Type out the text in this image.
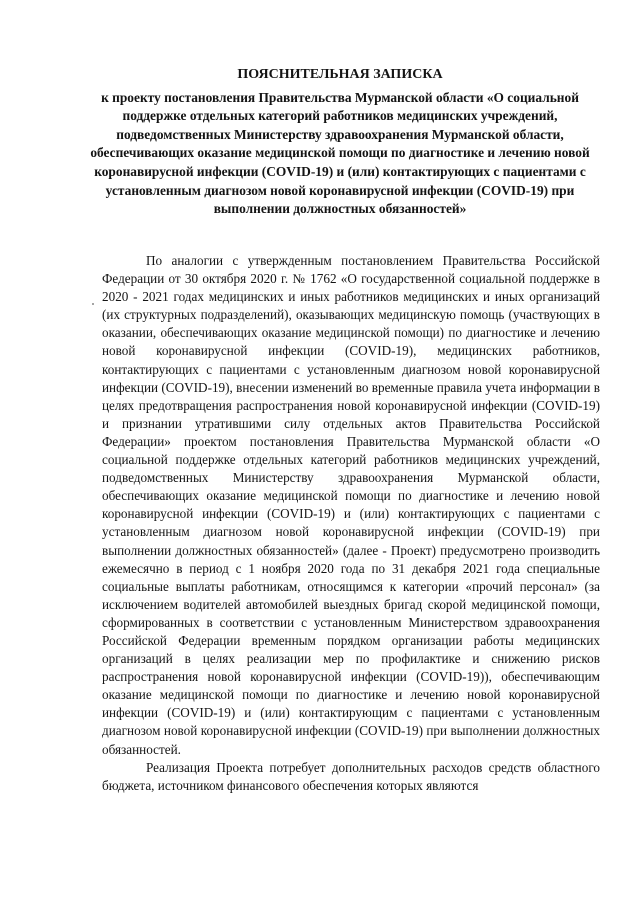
ПОЯСНИТЕЛЬНАЯ ЗАПИСКА
к проекту постановления Правительства Мурманской области «О социальной поддержке отдельных категорий работников медицинских учреждений, подведомственных Министерству здравоохранения Мурманской области, обеспечивающих оказание медицинской помощи по диагностике и лечению новой коронавирусной инфекции (COVID-19) и (или) контактирующих с пациентами с установленным диагнозом новой коронавирусной инфекции (COVID-19) при выполнении должностных обязанностей»

По аналогии с утвержденным постановлением Правительства Российской Федерации от 30 октября 2020 г. № 1762 «О государственной социальной поддержке в 2020 - 2021 годах медицинских и иных работников медицинских и иных организаций (их структурных подразделений), оказывающих медицинскую помощь (участвующих в оказании, обеспечивающих оказание медицинской помощи) по диагностике и лечению новой коронавирусной инфекции (COVID-19), медицинских работников, контактирующих с пациентами с установленным диагнозом новой коронавирусной инфекции (COVID-19), внесении изменений во временные правила учета информации в целях предотвращения распространения новой коронавирусной инфекции (COVID-19) и признании утратившими силу отдельных актов Правительства Российской Федерации» проектом постановления Правительства Мурманской области «О социальной поддержке отдельных категорий работников медицинских учреждений, подведомственных Министерству здравоохранения Мурманской области, обеспечивающих оказание медицинской помощи по диагностике и лечению новой коронавирусной инфекции (COVID-19) и (или) контактирующих с пациентами с установленным диагнозом новой коронавирусной инфекции (COVID-19) при выполнении должностных обязанностей» (далее - Проект) предусмотрено производить ежемесячно в период с 1 ноября 2020 года по 31 декабря 2021 года специальные социальные выплаты работникам, относящимся к категории «прочий персонал» (за исключением водителей автомобилей выездных бригад скорой медицинской помощи, сформированных в соответствии с установленным Министерством здравоохранения Российской Федерации временным порядком организации работы медицинских организаций в целях реализации мер по профилактике и снижению рисков распространения новой коронавирусной инфекции (COVID-19)), обеспечивающим оказание медицинской помощи по диагностике и лечению новой коронавирусной инфекции (COVID-19) и (или) контактирующим с пациентами с установленным диагнозом новой коронавирусной инфекции (COVID-19) при выполнении должностных обязанностей.

Реализация Проекта потребует дополнительных расходов средств областного бюджета, источником финансового обеспечения которых являются
